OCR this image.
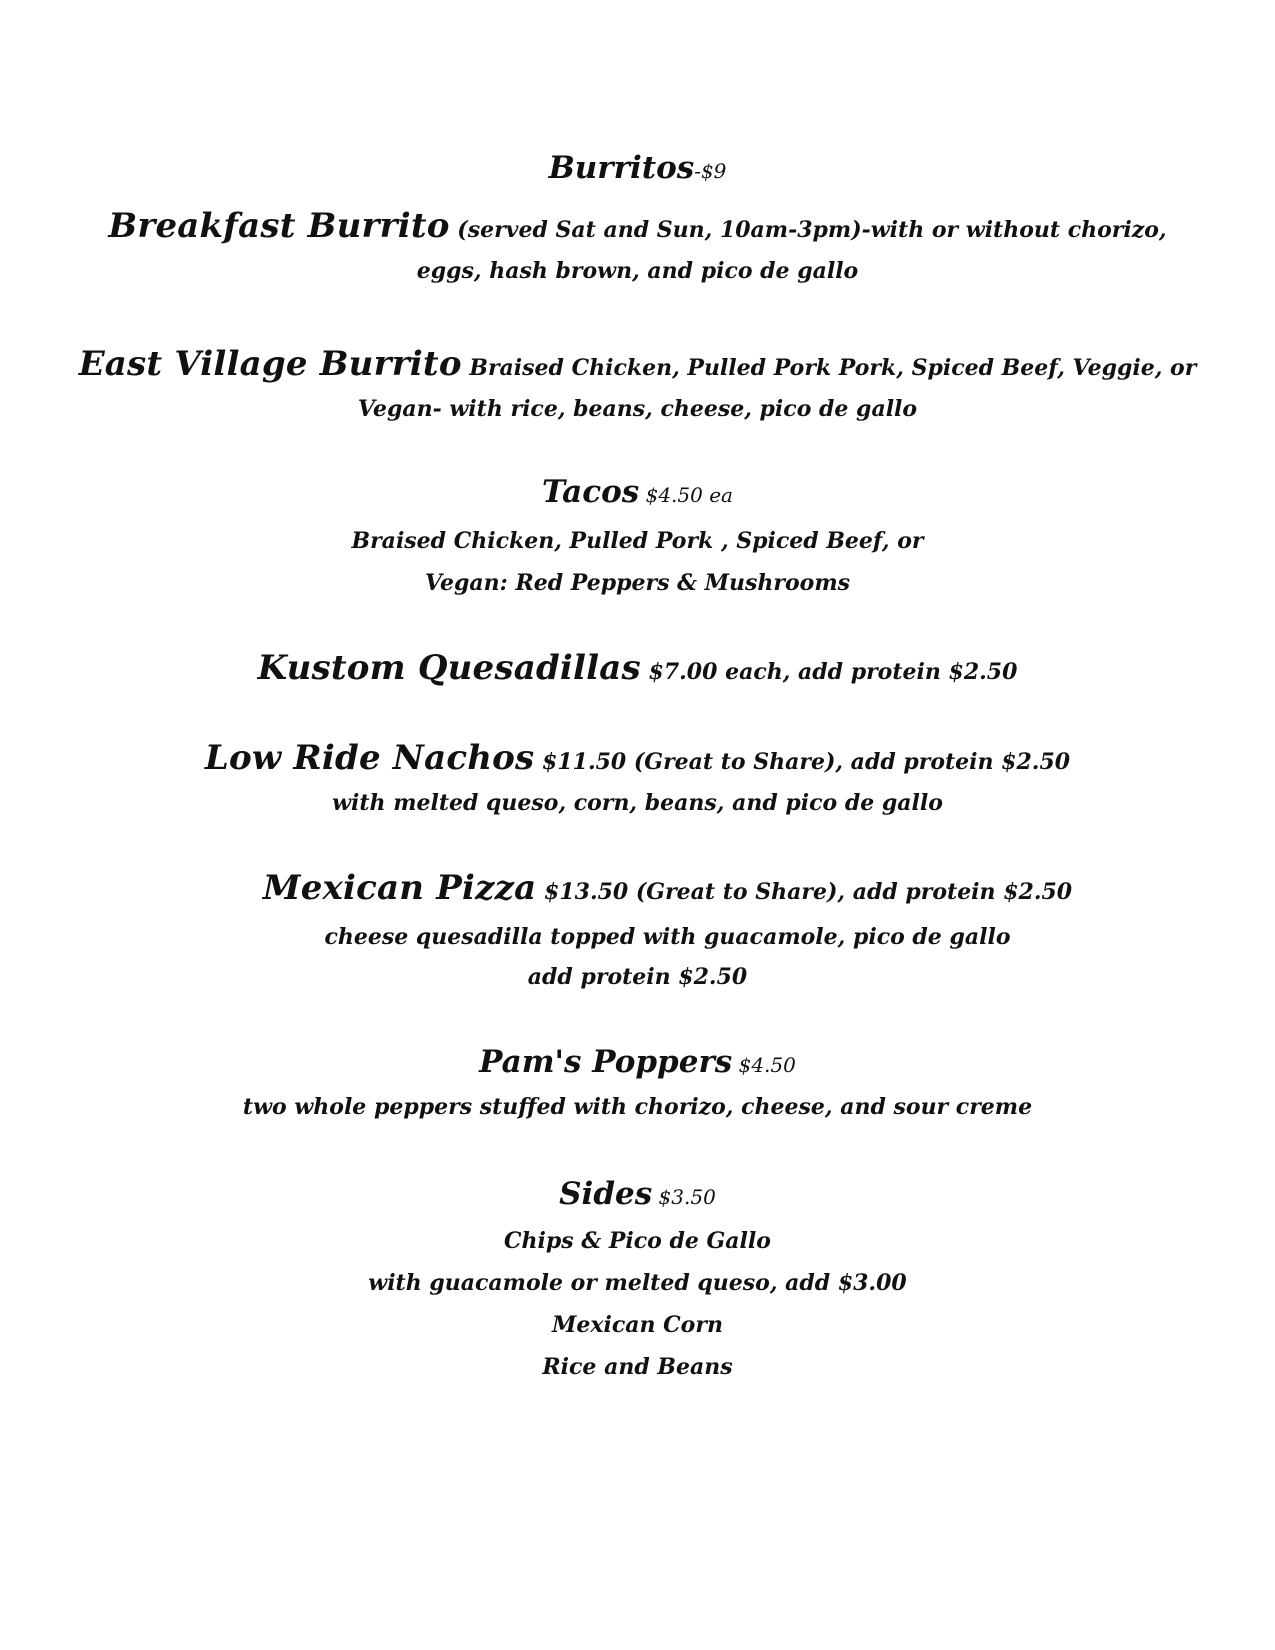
Burritos-$9
Breakfast Burrito (served Sat and Sun, 10am-3pm)-with or without chorizo,
eggs, hash brown, and pico de gallo
East Village Burrito Braised Chicken, Pulled Pork Pork, Spiced Beef, Veggie, or
Vegan- with rice, beans, cheese, pico de gallo
Tacos $4.50 ea
Braised Chicken, Pulled Pork , Spiced Beef, or
Vegan: Red Peppers & Mushrooms
Kustom Quesadillas $7.00 each, add protein $2.50
Low Ride Nachos $11.50 (Great to Share), add protein $2.50
with melted queso, corn, beans, and pico de gallo
Mexican Pizza $13.50 (Great to Share), add protein $2.50
cheese quesadilla topped with guacamole, pico de gallo
add protein $2.50
Pam's Poppers $4.50
two whole peppers stuffed with chorizo, cheese, and sour creme
Sides $3.50
Chips & Pico de Gallo
with guacamole or melted queso, add $3.00
Mexican Corn
Rice and Beans
